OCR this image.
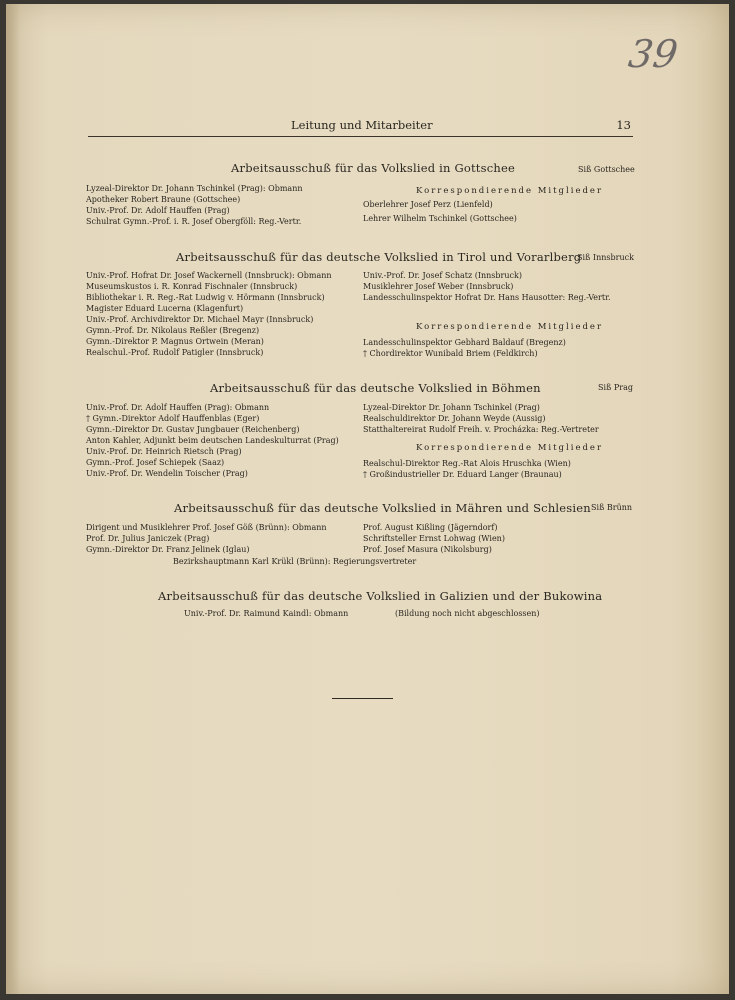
39
Leitung und Mitarbeiter	13
Arbeitsausschuß für das Volkslied in Gottschee	Siß Gottschee
Lyzeal-Direktor Dr. Johann Tschinkel (Prag): Obmann
Apotheker Robert Braune (Gottschee)
Univ.-Prof. Dr. Adolf Hauffen (Prag)
Schulrat Gymn.-Prof. i. R. Josef Obergföll: Reg.-Vertr.
Korrespondierende Mitglieder
Oberlehrer Josef Perz (Lienfeld)
Lehrer Wilhelm Tschinkel (Gottschee)
Arbeitsausschuß für das deutsche Volkslied in Tirol und Vorarlberg
Siß Innsbruck
Univ.-Prof. Hofrat Dr. Josef Wackernell (Innsbruck): Obmann
Museumskustos i. R. Konrad Fischnaler (Innsbruck)
Bibliothekar i. R. Reg.-Rat Ludwig v. Hörmann (Innsbruck)
Magister Eduard Lucerna (Klagenfurt)
Univ.-Prof. Archivdirektor Dr. Michael Mayr (Innsbruck)
Gymn.-Prof. Dr. Nikolaus Reßler (Bregenz)
Gymn.-Direktor P. Magnus Ortwein (Meran)
Realschul.-Prof. Rudolf Patigler (Innsbruck)
Univ.-Prof. Dr. Josef Schatz (Innsbruck)
Musiklehrer Josef Weber (Innsbruck)
Landesschulinspektor Hofrat Dr. Hans Hausotter: Reg.-Vertr.
Korrespondierende Mitglieder
Landesschulinspektor Gebhard Baldauf (Bregenz)
† Chordirektor Wunibald Briem (Feldkirch)
Arbeitsausschuß für das deutsche Volkslied in Böhmen	Siß Prag
Univ.-Prof. Dr. Adolf Hauffen (Prag): Obmann
† Gymn.-Direktor Adolf Hauffenblas (Eger)
Gymn.-Direktor Dr. Gustav Jungbauer (Reichenberg)
Anton Kahler, Adjunkt beim deutschen Landeskulturrat (Prag)
Univ.-Prof. Dr. Heinrich Rietsch (Prag)
Gymn.-Prof. Josef Schiepek (Saaz)
Univ.-Prof. Dr. Wendelin Toischer (Prag)
Lyzeal-Direktor Dr. Johann Tschinkel (Prag)
Realschuldirektor Dr. Johann Weyde (Aussig)
Statthaltereirat Rudolf Freih. v. Procházka: Reg.-Vertreter
Korrespondierende Mitglieder
Realschul-Direktor Reg.-Rat Alois Hruschka (Wien)
† Großindustrieller Dr. Eduard Langer (Braunau)
Arbeitsausschuß für das deutsche Volkslied in Mähren und Schlesien Siß Brünn
Dirigent und Musiklehrer Prof. Josef Göß (Brünn): Obmann
Prof. Dr. Julius Janiczek (Prag)
Gymn.-Direktor Dr. Franz Jelinek (Iglau)
Prof. August Kißling (Jägerndorf)
Schriftsteller Ernst Lohwag (Wien)
Prof. Josef Masura (Nikolsburg)
Bezirkshauptmann Karl Krükl (Brünn): Regierungsvertreter
Arbeitsausschuß für das deutsche Volkslied in Galizien und der Bukowina
Univ.-Prof. Dr. Raimund Kaindl: Obmann	(Bildung noch nicht abgeschlossen)
